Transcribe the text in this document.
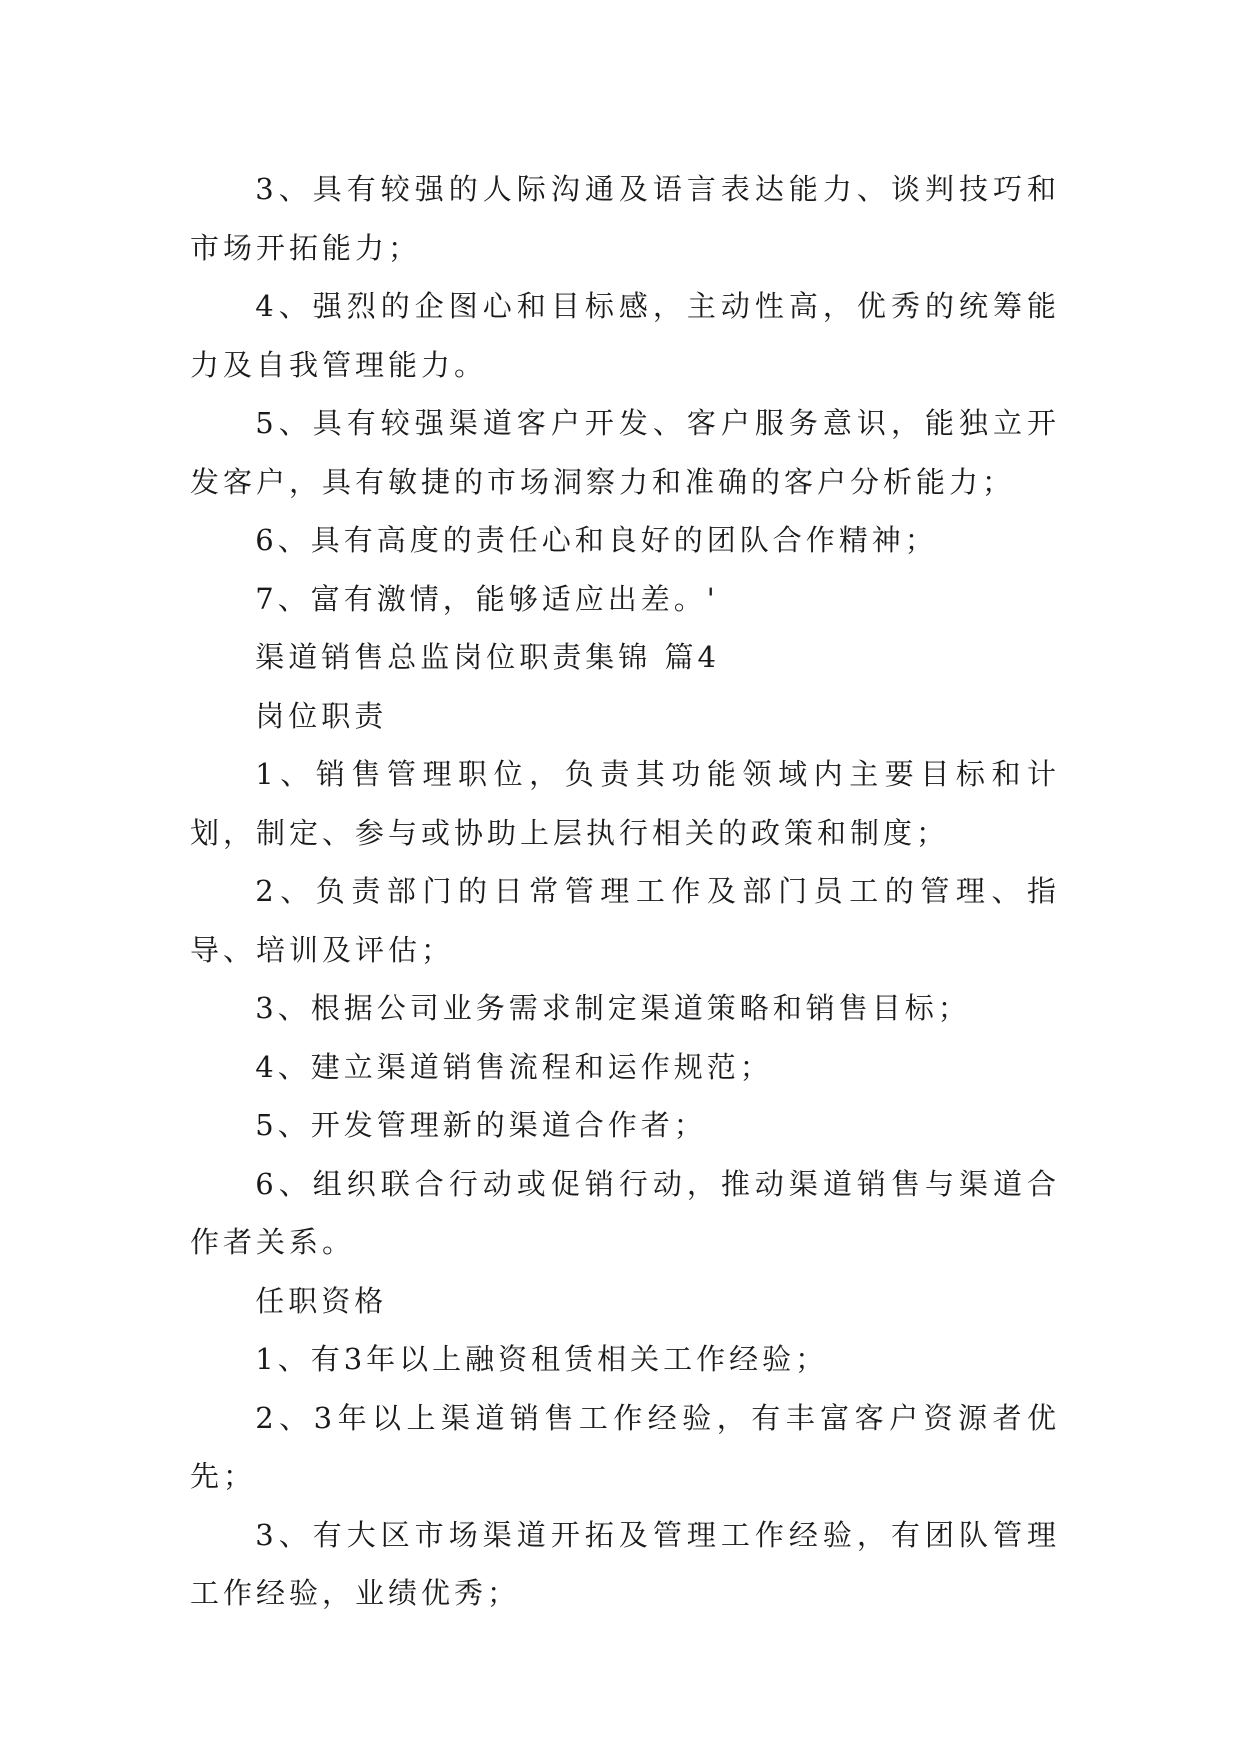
3、具有较强的人际沟通及语言表达能力、谈判技巧和市场开拓能力；

4、强烈的企图心和目标感，主动性高，优秀的统筹能力及自我管理能力。

5、具有较强渠道客户开发、客户服务意识，能独立开发客户，具有敏捷的市场洞察力和准确的客户分析能力；

6、具有高度的责任心和良好的团队合作精神；

7、富有激情，能够适应出差。'

渠道销售总监岗位职责集锦 篇4

岗位职责

1、销售管理职位，负责其功能领域内主要目标和计划，制定、参与或协助上层执行相关的政策和制度；

2、负责部门的日常管理工作及部门员工的管理、指导、培训及评估；

3、根据公司业务需求制定渠道策略和销售目标；

4、建立渠道销售流程和运作规范；

5、开发管理新的渠道合作者；

6、组织联合行动或促销行动，推动渠道销售与渠道合作者关系。

任职资格

1、有3年以上融资租赁相关工作经验；

2、3年以上渠道销售工作经验，有丰富客户资源者优先；

3、有大区市场渠道开拓及管理工作经验，有团队管理工作经验，业绩优秀；
